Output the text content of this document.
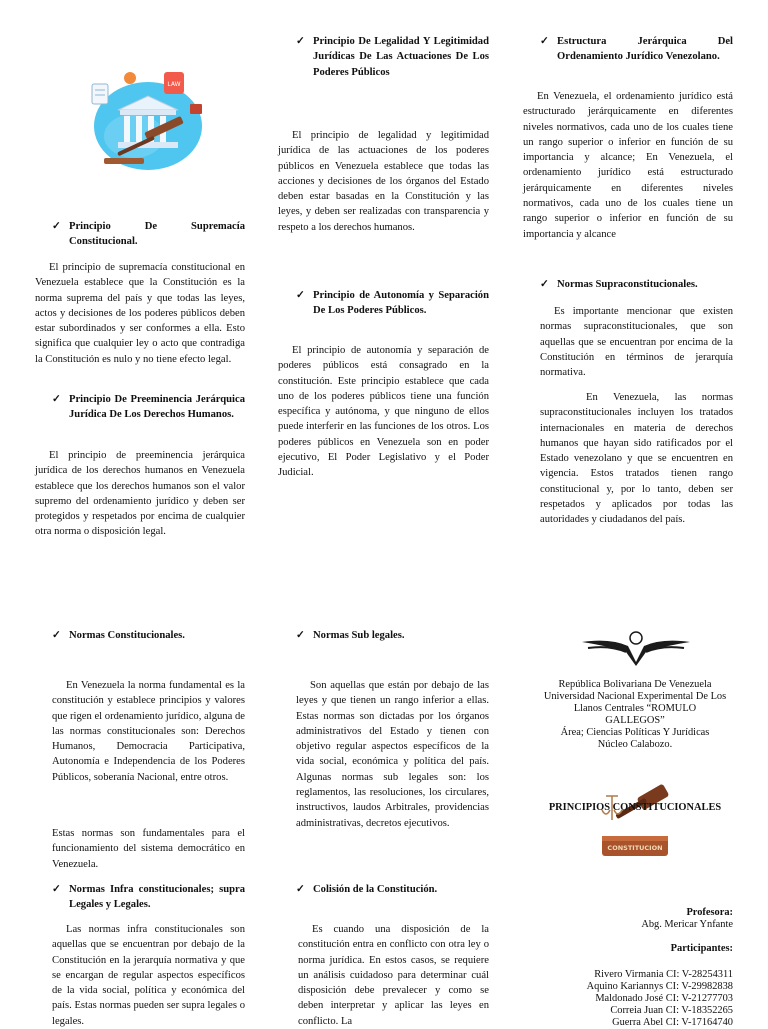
LAW
✓ Principio De Supremacía Constitucional.

El principio de supremacía constitucional en Venezuela establece que la Constitución es la norma suprema del país y que todas las leyes, actos y decisiones de los poderes públicos deben estar subordinados y ser conformes a ella. Esto significa que cualquier ley o acto que contradiga la Constitución es nulo y no tiene efecto legal.

✓ Principio De Preeminencia Jerárquica Jurídica De Los Derechos Humanos.

El principio de preeminencia jerárquica jurídica de los derechos humanos en Venezuela establece que los derechos humanos son el valor supremo del ordenamiento jurídico y deben ser protegidos y respetados por encima de cualquier otra norma o disposición legal.

✓ Normas Constitucionales.

En Venezuela la norma fundamental es la constitución y establece principios y valores que rigen el ordenamiento jurídico, alguna de las normas constitucionales son: Derechos Humanos, Democracia Participativa, Autonomía e Independencia de los Poderes Públicos, soberanía Nacional, entre otros.

Estas normas son fundamentales para el funcionamiento del sistema democrático en Venezuela.

✓ Normas Infra constitucionales; supra Legales y Legales.

Las normas infra constitucionales son aquellas que se encuentran por debajo de la Constitución en la jerarquía normativa y que se encargan de regular aspectos específicos de la vida social, política y económica del país. Estas normas pueden ser supra legales o legales.

✓ Principio De Legalidad Y Legitimidad Jurídicas De Las Actuaciones De Los Poderes Públicos

El principio de legalidad y legitimidad jurídica de las actuaciones de los poderes públicos en Venezuela establece que todas las acciones y decisiones de los órganos del Estado deben estar basadas en la Constitución y las leyes, y deben ser realizadas con transparencia y respeto a los derechos humanos.

✓ Principio de Autonomía y Separación De Los Poderes Públicos.

El principio de autonomía y separación de poderes públicos está consagrado en la constitución. Este principio establece que cada uno de los poderes públicos tiene una función específica y autónoma, y que ninguno de ellos puede interferir en las funciones de los otros. Los poderes públicos en Venezuela son en poder ejecutivo, El Poder Legislativo y el Poder Judicial.

✓ Normas Sub legales.

Son aquellas que están por debajo de las leyes y que tienen un rango inferior a ellas. Estas normas son dictadas por los órganos administrativos del Estado y tienen con objetivo regular aspectos específicos de la vida social, económica y política del país. Algunas normas sub legales son: los reglamentos, las resoluciones, los circulares, instructivos, laudos Arbitrales, providencias administrativas, decretos ejecutivos.

✓ Colisión de la Constitución.

Es cuando una disposición de la constitución entra en conflicto con otra ley o norma jurídica. En estos casos, se requiere un análisis cuidadoso para determinar cuál disposición debe prevalecer y como se deben interpretar y aplicar las leyes en conflicto. La

✓ Estructura Jerárquica Del Ordenamiento Jurídico Venezolano.

En Venezuela, el ordenamiento jurídico está estructurado jerárquicamente en diferentes niveles normativos, cada uno de los cuales tiene un rango superior o inferior en función de su importancia y alcance; En Venezuela, el ordenamiento jurídico está estructurado jerárquicamente en diferentes niveles normativos, cada uno de los cuales tiene un rango superior o inferior en función de su importancia y alcance

✓ Normas Supraconstitucionales.

Es importante mencionar que existen normas supraconstitucionales, que son aquellas que se encuentran por encima de la Constitución en términos de jerarquía normativa.

En Venezuela, las normas supraconstitucionales incluyen los tratados internacionales en materia de derechos humanos que hayan sido ratificados por el Estado venezolano y que se encuentren en vigencia. Estos tratados tienen rango constitucional y, por lo tanto, deben ser respetados y aplicados por todas las autoridades y ciudadanos del país.

República Bolivariana De Venezuela
Universidad Nacional Experimental De Los
Llanos Centrales “ROMULO
GALLEGOS”
Área; Ciencias Políticas Y Jurídicas
Núcleo Calabozo.
CONSTITUCION
PRINCIPIOS CONSTITUCIONALES
Profesora:
Abg. Mericar Ynfante
Participantes:
Rivero Virmania CI: V-28254311
Aquino Kariannys CI: V-29982838
Maldonado José CI: V-21277703
Correia Juan CI: V-18352265
Guerra Abel CI: V-17164740
